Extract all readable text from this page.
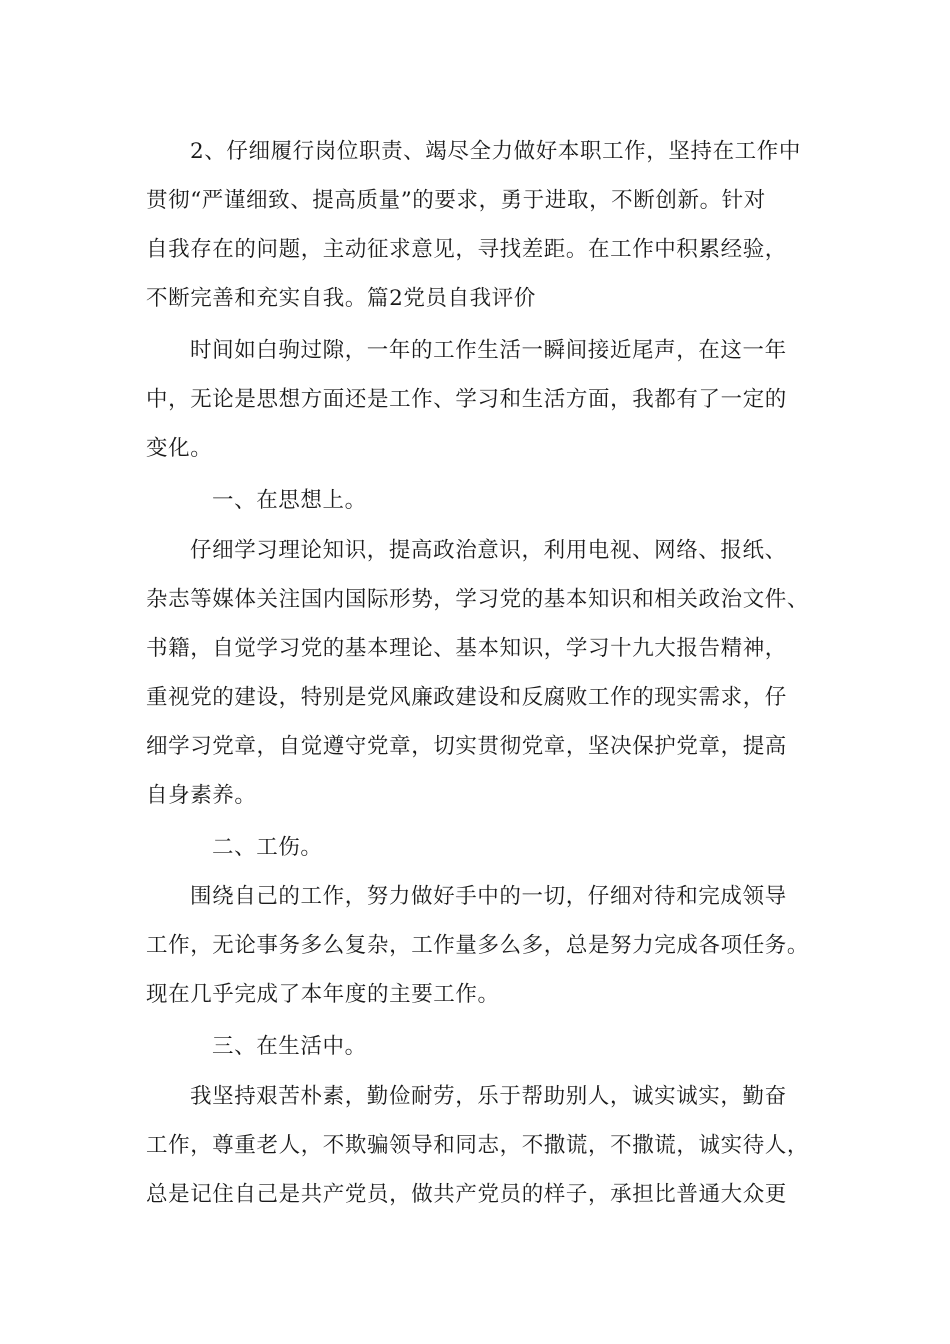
2、仔细履行岗位职责、竭尽全力做好本职工作，坚持在工作中
贯彻“严谨细致、提高质量”的要求，勇于进取，不断创新。针对
自我存在的问题，主动征求意见，寻找差距。在工作中积累经验，
不断完善和充实自我。篇2党员自我评价
时间如白驹过隙，一年的工作生活一瞬间接近尾声，在这一年
中，无论是思想方面还是工作、学习和生活方面，我都有了一定的
变化。
一、在思想上。
仔细学习理论知识，提高政治意识，利用电视、网络、报纸、
杂志等媒体关注国内国际形势，学习党的基本知识和相关政治文件、
书籍，自觉学习党的基本理论、基本知识，学习十九大报告精神，
重视党的建设，特别是党风廉政建设和反腐败工作的现实需求，仔
细学习党章，自觉遵守党章，切实贯彻党章，坚决保护党章，提高
自身素养。
二、工伤。
围绕自己的工作，努力做好手中的一切，仔细对待和完成领导
工作，无论事务多么复杂，工作量多么多，总是努力完成各项任务。
现在几乎完成了本年度的主要工作。
三、在生活中。
我坚持艰苦朴素，勤俭耐劳，乐于帮助别人，诚实诚实，勤奋
工作，尊重老人，不欺骗领导和同志，不撒谎，不撒谎，诚实待人，
总是记住自己是共产党员，做共产党员的样子，承担比普通大众更
